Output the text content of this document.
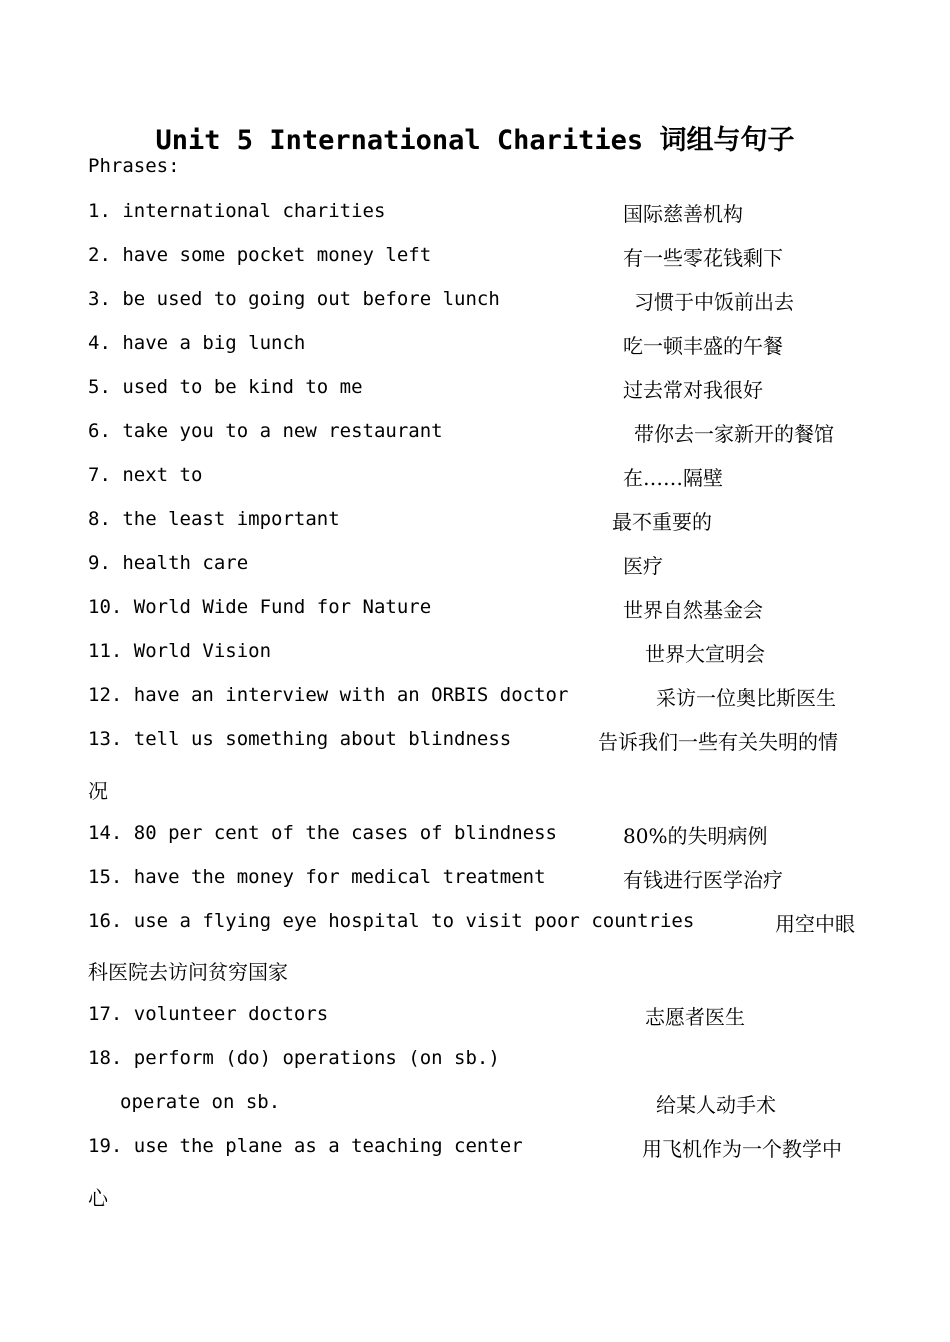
Unit 5 International Charities 词组与句子
Phrases:
1. international charities	国际慈善机构
2. have some pocket money left	有一些零花钱剩下
3. be used to going out before lunch	习惯于中饭前出去
4. have a big lunch	吃一顿丰盛的午餐
5. used to be kind to me	过去常对我很好
6. take you to a new restaurant	带你去一家新开的餐馆
7. next to	在……隔壁
8. the least important	最不重要的
9. health care	医疗
10. World Wide Fund for Nature	世界自然基金会
11. World Vision	世界大宣明会
12. have an interview with an ORBIS doctor	采访一位奥比斯医生
13. tell us something about blindness	告诉我们一些有关失明的情
况
14. 80 per cent of the cases of blindness	80%的失明病例
15. have the money for medical treatment	有钱进行医学治疗
16. use a flying eye hospital to visit poor countries	用空中眼
科医院去访问贫穷国家
17. volunteer doctors	志愿者医生
18. perform (do) operations (on sb.)
operate on sb.	给某人动手术
19. use the plane as a teaching center	用飞机作为一个教学中
心
